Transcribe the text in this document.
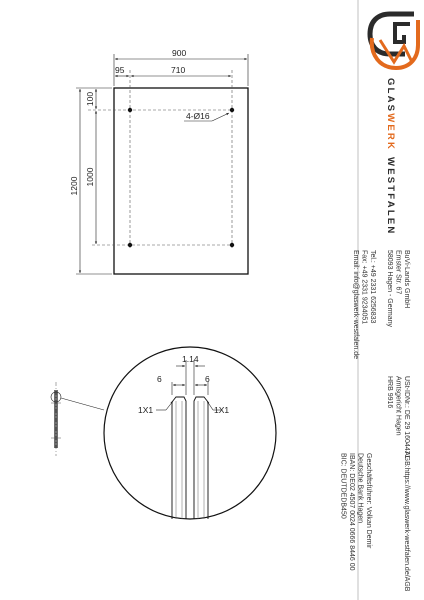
4-Ø16
900
95	710
1200
100
1000
1.14
6	6
1X1	1X1
GLASWERKWESTFALEN
BuVi-Lands GmbH
Emster Str. 67
58093 Hagen - Germany
Tel.: +49 2331 6256833
Fax: +49 2331 9234051
Email: info@glaswerk-westfalen.de
USt-IDNr.: DE 29 1604471
Amtsgericht Hagen
HRB 9916
Geschäftsführer: Volkan Demir
Deutsche Bank Hagen
IBAN: DE02 4507 0024 0666 8446 00
BIC: DEUTDEDB450	AGB:https://www.glaswerk-westfalen.de/AGB
